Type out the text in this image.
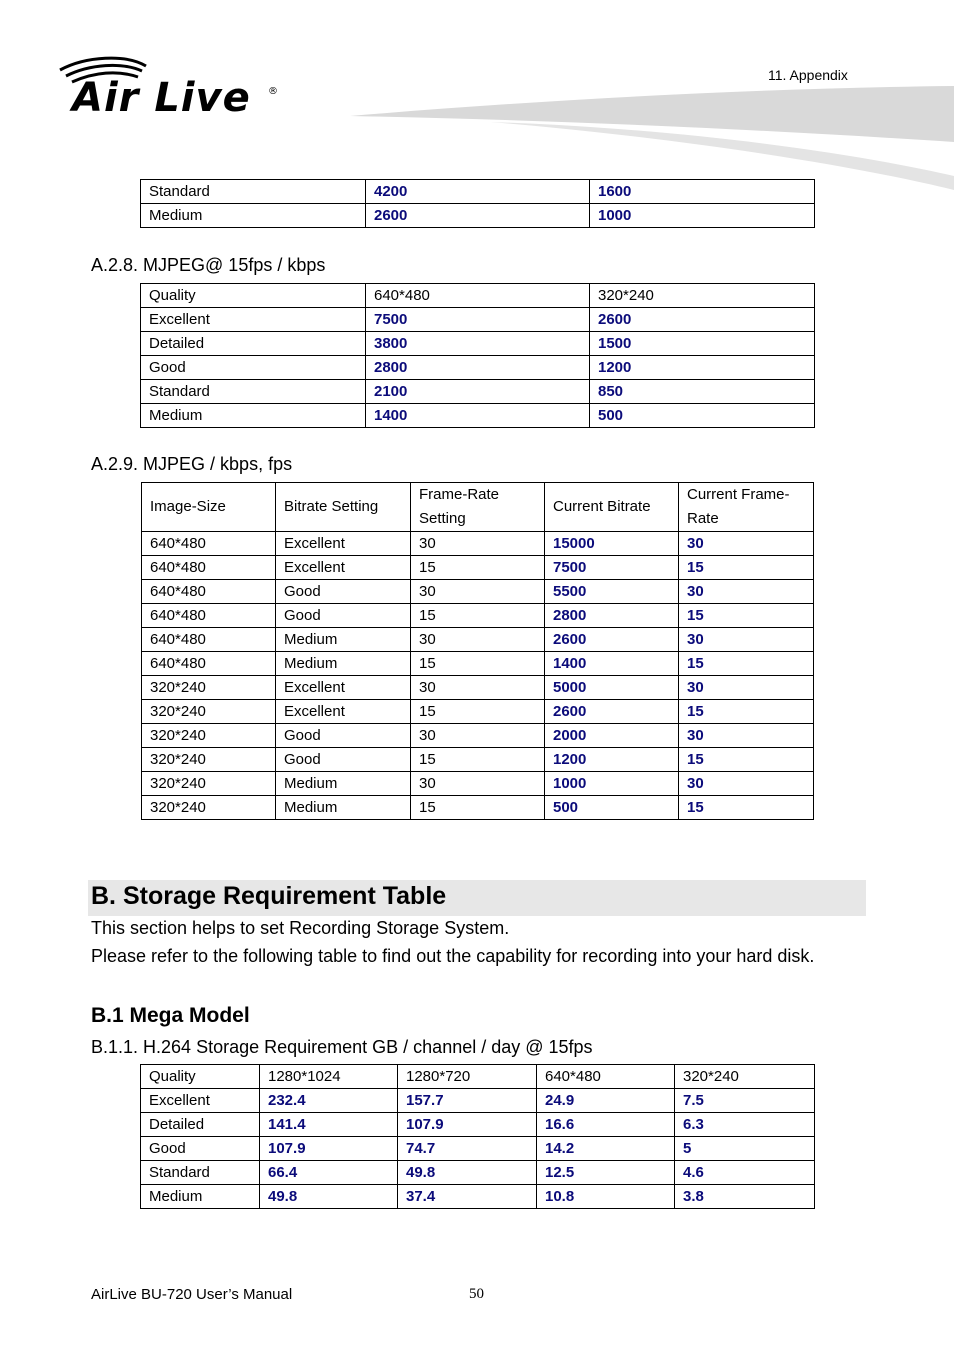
Air Live ®
11. Appendix
Standard	4200	1600
Medium	2600	1000
A.2.8. MJPEG@ 15fps / kbps
Quality	640*480	320*240
Excellent	7500	2600
Detailed	3800	1500
Good	2800	1200
Standard	2100	850
Medium	1400	500
A.2.9. MJPEG / kbps, fps
Image-Size	Bitrate Setting	Frame-Rate Setting	Current Bitrate	Current Frame-Rate
640*480	Excellent	30	15000	30
640*480	Excellent	15	7500	15
640*480	Good	30	5500	30
640*480	Good	15	2800	15
640*480	Medium	30	2600	30
640*480	Medium	15	1400	15
320*240	Excellent	30	5000	30
320*240	Excellent	15	2600	15
320*240	Good	30	2000	30
320*240	Good	15	1200	15
320*240	Medium	30	1000	30
320*240	Medium	15	500	15
B. Storage Requirement Table
This section helps to set Recording Storage System.
Please refer to the following table to find out the capability for recording into your hard disk.
B.1 Mega Model
B.1.1. H.264 Storage Requirement GB / channel / day @ 15fps
Quality	1280*1024	1280*720	640*480	320*240
Excellent	232.4	157.7	24.9	7.5
Detailed	141.4	107.9	16.6	6.3
Good	107.9	74.7	14.2	5
Standard	66.4	49.8	12.5	4.6
Medium	49.8	37.4	10.8	3.8
AirLive BU-720 User’s Manual	50
